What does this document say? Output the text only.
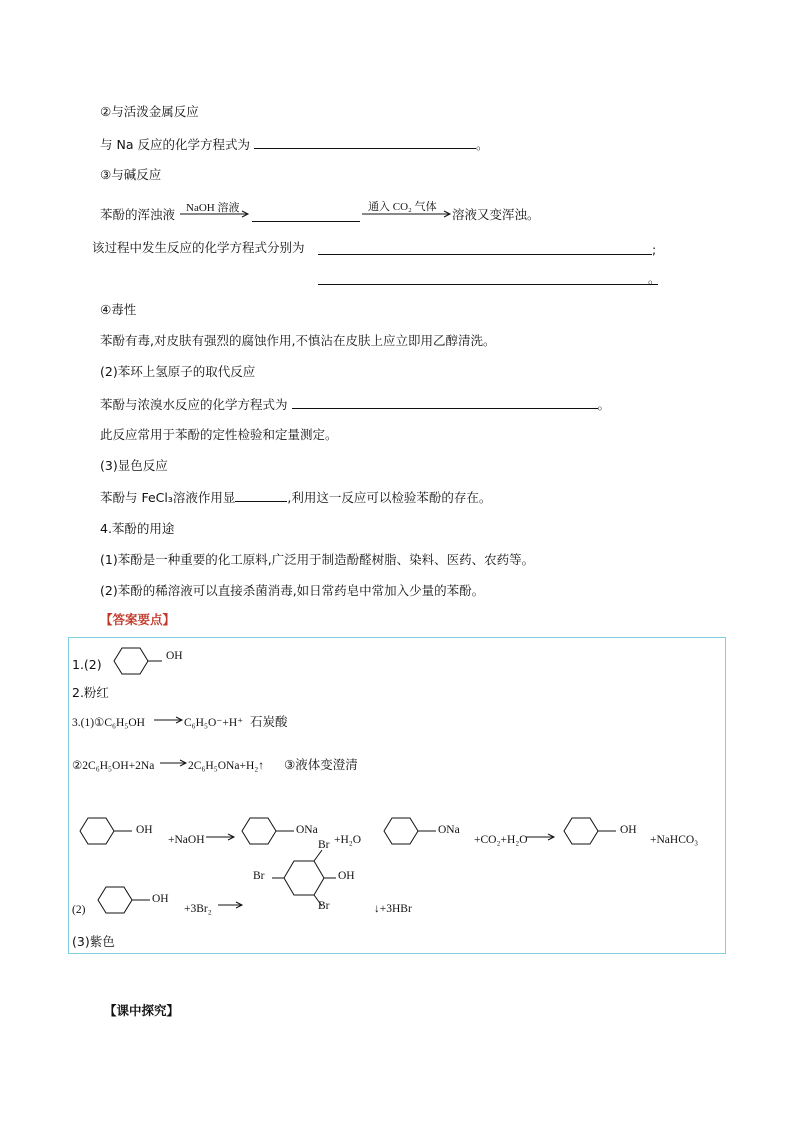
②与活泼金属反应
与 Na 反应的化学方程式为	。
③与碱反应
苯酚的浑浊液 NaOH 溶液	通入 CO₂ 气体 溶液又变浑浊。
该过程中发生反应的化学方程式分别为	;
。
④毒性
苯酚有毒,对皮肤有强烈的腐蚀作用,不慎沾在皮肤上应立即用乙醇清洗。
(2)苯环上氢原子的取代反应
苯酚与浓溴水反应的化学方程式为	。
此反应常用于苯酚的定性检验和定量测定。
(3)显色反应
苯酚与 FeCl₃溶液作用显	,利用这一反应可以检验苯酚的存在。
4.苯酚的用途
(1)苯酚是一种重要的化工原料,广泛用于制造酚醛树脂、染料、医药、农药等。
(2)苯酚的稀溶液可以直接杀菌消毒,如日常药皂中常加入少量的苯酚。
【答案要点】
1.(2)
OH
2.粉红
3.(1)①C₆H₅OH	C₆H₅O⁻+H⁺ 石炭酸
②2C₆H₅OH+2Na	2C₆H₅ONa+H₂↑ ③液体变澄清
OH
+NaOH
ONa
+H₂O
ONa
+CO₂+H₂O
OH
+NaHCO₃
(2)
OH
+3Br₂
Br
OH
Br
Br	↓+3HBr
(3)紫色
【课中探究】
